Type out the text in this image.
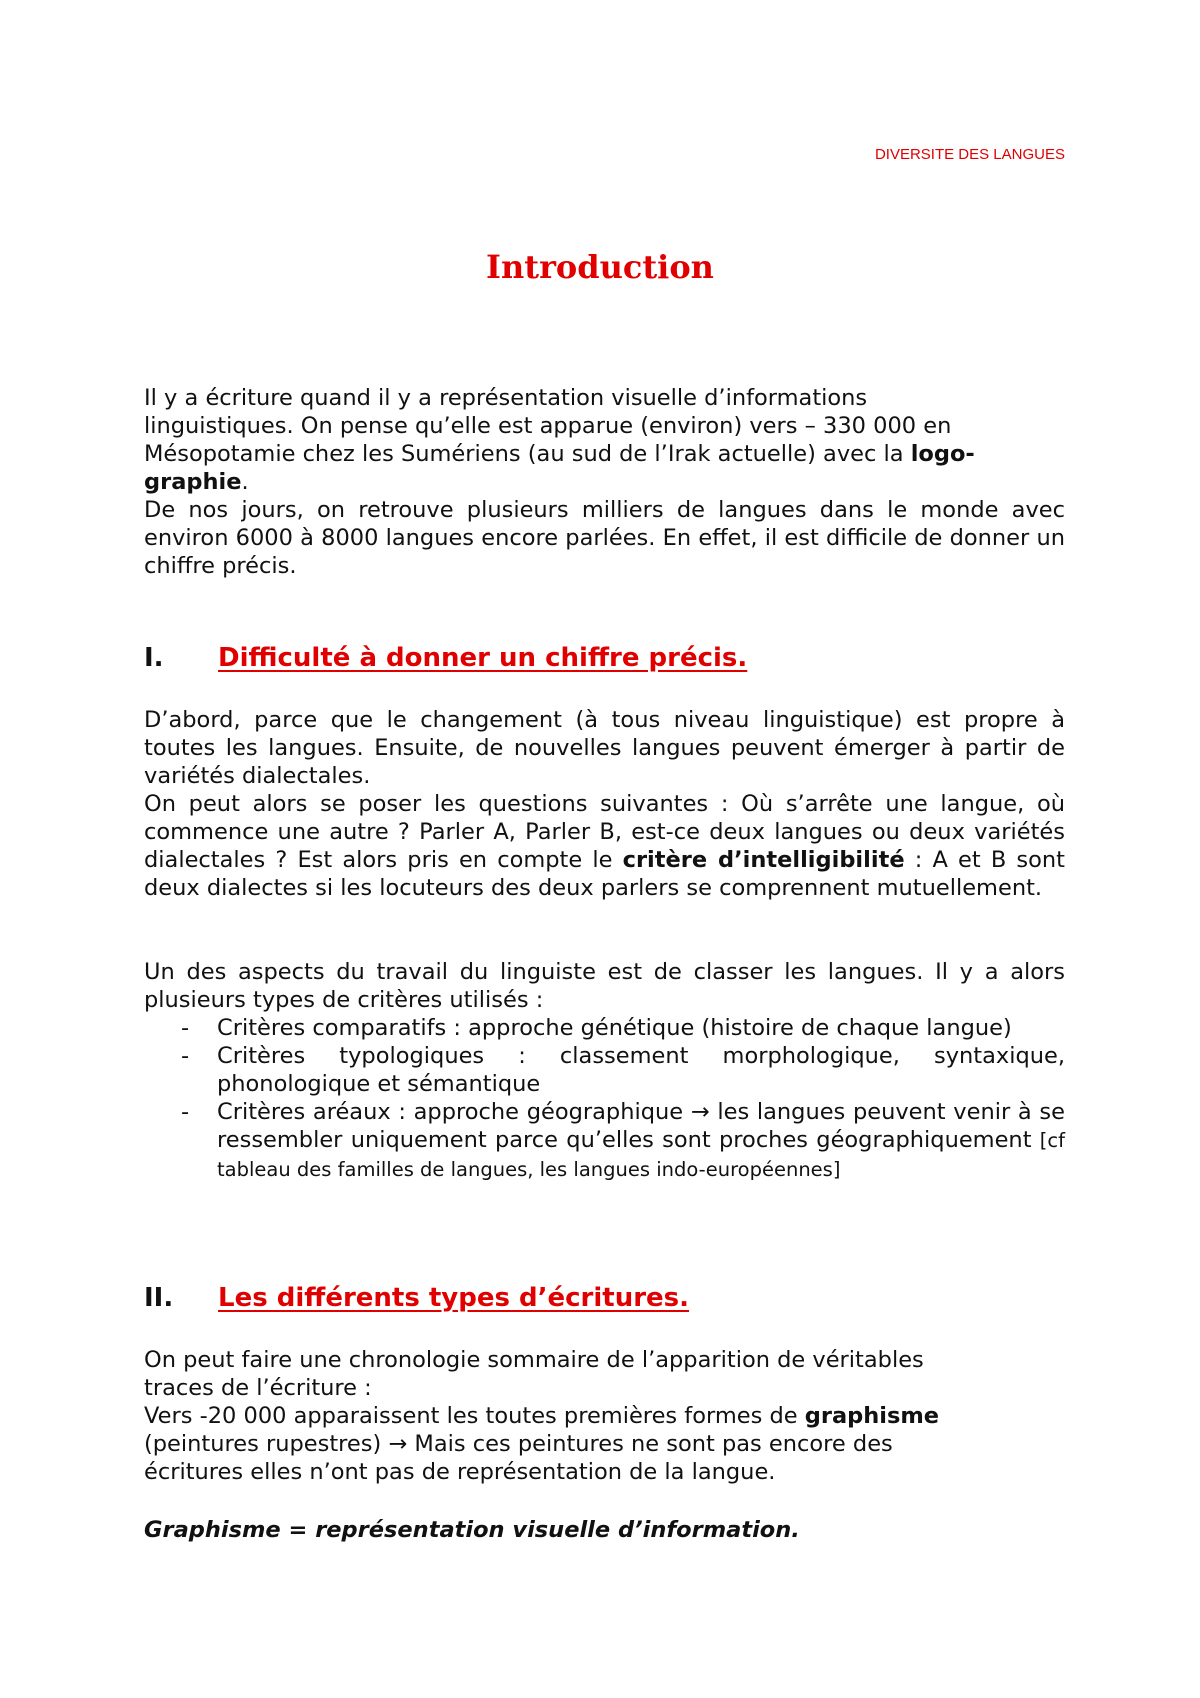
DIVERSITE DES LANGUES
Introduction
Il y a écriture quand il y a représentation visuelle d’informations
linguistiques. On pense qu’elle est apparue (environ) vers – 330 000 en
Mésopotamie chez les Sumériens (au sud de l’Irak actuelle) avec la logo-graphie.

De nos jours, on retrouve plusieurs milliers de langues dans le monde avec environ 6000 à 8000 langues encore parlées. En effet, il est difficile de donner un chiffre précis.

I. Difficulté à donner un chiffre précis.

D’abord, parce que le changement (à tous niveau linguistique) est propre à toutes les langues. Ensuite, de nouvelles langues peuvent émerger à partir de variétés dialectales.

On peut alors se poser les questions suivantes : Où s’arrête une langue, où commence une autre ? Parler A, Parler B, est-ce deux langues ou deux variétés dialectales ? Est alors pris en compte le critère d’intelligibilité : A et B sont deux dialectes si les locuteurs des deux parlers se comprennent mutuellement.

Un des aspects du travail du linguiste est de classer les langues. Il y a alors plusieurs types de critères utilisés :

- Critères comparatifs : approche génétique (histoire de chaque langue)
- Critères typologiques : classement morphologique, syntaxique, phonologique et sémantique
- Critères aréaux : approche géographique → les langues peuvent venir à se ressembler uniquement parce qu’elles sont proches géographiquement [cf tableau des familles de langues, les langues indo-européennes]
II. Les différents types d’écritures.
On peut faire une chronologie sommaire de l’apparition de véritables
traces de l’écriture :
Vers -20 000 apparaissent les toutes premières formes de graphisme
(peintures rupestres) → Mais ces peintures ne sont pas encore des
écritures elles n’ont pas de représentation de la langue.
Graphisme = représentation visuelle d’information.
